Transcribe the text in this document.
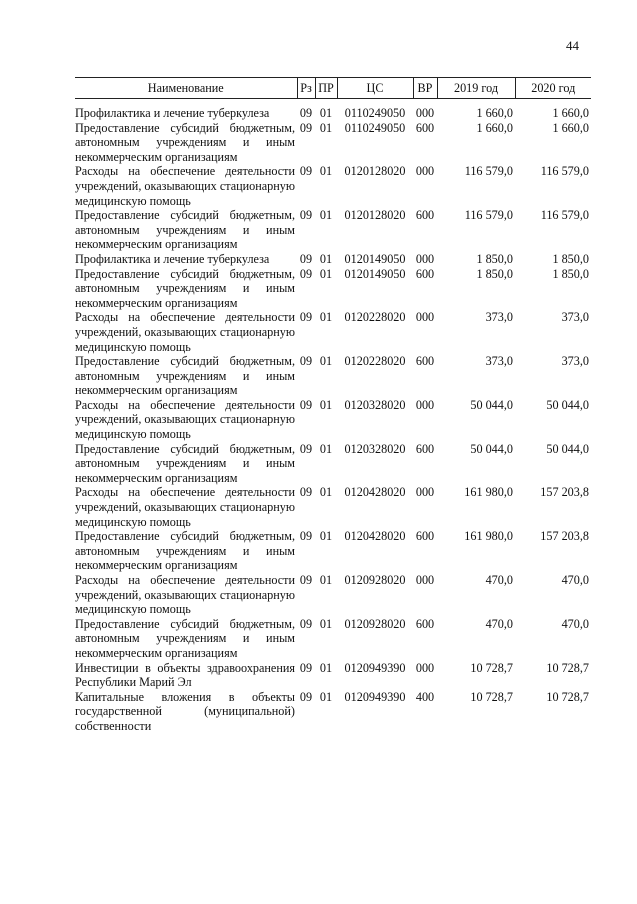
44
Наименование	Рз	ПР	ЦС	ВР	2019 год	2020 год
Профилактика и лечение туберкулеза	09	01	0110249050	000	1 660,0	1 660,0
Предоставление субсидий бюджетным, автономным учреждениям и иным некоммерческим организациям	09	01	0110249050	600	1 660,0	1 660,0
Расходы на обеспечение деятельности учреждений, оказывающих стационарную медицинскую помощь	09	01	0120128020	000	116 579,0	116 579,0
Предоставление субсидий бюджетным, автономным учреждениям и иным некоммерческим организациям	09	01	0120128020	600	116 579,0	116 579,0
Профилактика и лечение туберкулеза	09	01	0120149050	000	1 850,0	1 850,0
Предоставление субсидий бюджетным, автономным учреждениям и иным некоммерческим организациям	09	01	0120149050	600	1 850,0	1 850,0
Расходы на обеспечение деятельности учреждений, оказывающих стационарную медицинскую помощь	09	01	0120228020	000	373,0	373,0
Предоставление субсидий бюджетным, автономным учреждениям и иным некоммерческим организациям	09	01	0120228020	600	373,0	373,0
Расходы на обеспечение деятельности учреждений, оказывающих стационарную медицинскую помощь	09	01	0120328020	000	50 044,0	50 044,0
Предоставление субсидий бюджетным, автономным учреждениям и иным некоммерческим организациям	09	01	0120328020	600	50 044,0	50 044,0
Расходы на обеспечение деятельности учреждений, оказывающих стационарную медицинскую помощь	09	01	0120428020	000	161 980,0	157 203,8
Предоставление субсидий бюджетным, автономным учреждениям и иным некоммерческим организациям	09	01	0120428020	600	161 980,0	157 203,8
Расходы на обеспечение деятельности учреждений, оказывающих стационарную медицинскую помощь	09	01	0120928020	000	470,0	470,0
Предоставление субсидий бюджетным, автономным учреждениям и иным некоммерческим организациям	09	01	0120928020	600	470,0	470,0
Инвестиции в объекты здравоохранения Республики Марий Эл	09	01	0120949390	000	10 728,7	10 728,7
Капитальные вложения в объекты государственной (муниципальной) собственности	09	01	0120949390	400	10 728,7	10 728,7
